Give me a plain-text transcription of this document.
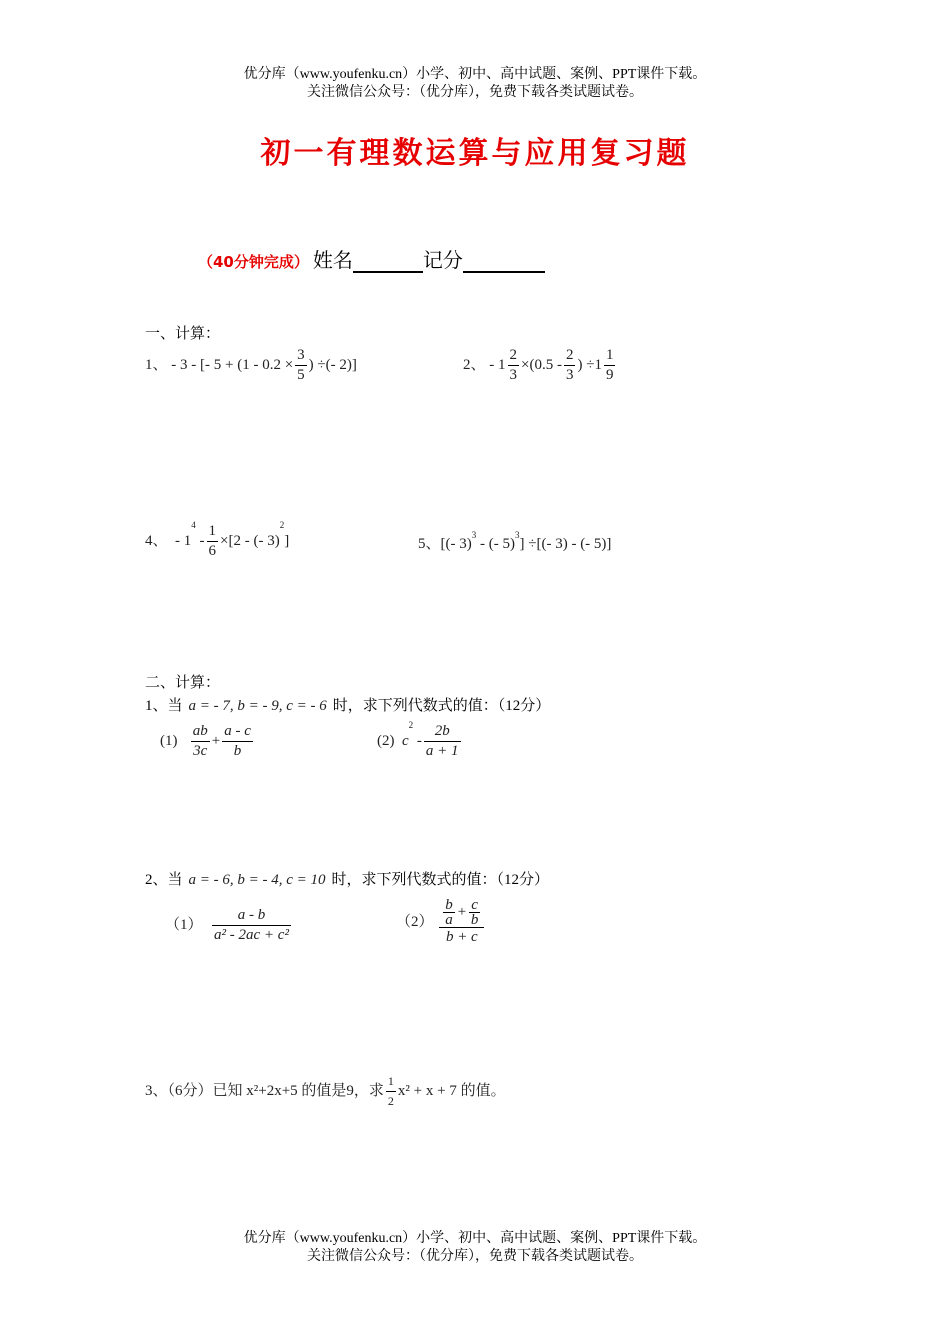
优分库（www.youfenku.cn）小学、初中、高中试题、案例、PPT课件下载。
关注微信公众号：（优分库），免费下载各类试题试卷。
初一有理数运算与应用复习题
（40分钟完成） 姓名	记分
一、计算：
1、 - 3 - [- $5 + (1 - 0.2 \times \frac{3}{5}$ ) ÷(- 2)]	2、 - $1 \frac{2}{3} \times(0.5 - \frac{2}{3}$ ) $\div 1 \frac{1}{9}$
4、 - $1^4 - \frac{1}{6} \times[2$ - (- 3)$^2$]	5、[(- 3)$^3$ - (- 5)$^3$] ÷[(- 3) - (- 5)]
二、计算：
1、当 a = - 7, b = - 9, c = - 6 时，求下列代数式的值：（12分）
$(1) \frac{ab}{3c} + \frac{a - c}{b}$	(2) $c^2 - \frac{2b}{a + 1}$
2、当 a = - 6, b = - 4, c = 10 时，求下列代数式的值：（12分）
$(1) \frac{a - b}{\text{a² - 2ac + c²}}$	$(2) \frac{\frac{b}{a} + \frac{c}{b}}{b + c}$
3、（6分）已知 x²+2x+5 的值是9，求 $\frac{1}{2} x^2 + x + 7$ 的值。
优分库（www.youfenku.cn）小学、初中、高中试题、案例、PPT课件下载。
关注微信公众号：（优分库），免费下载各类试题试卷。
